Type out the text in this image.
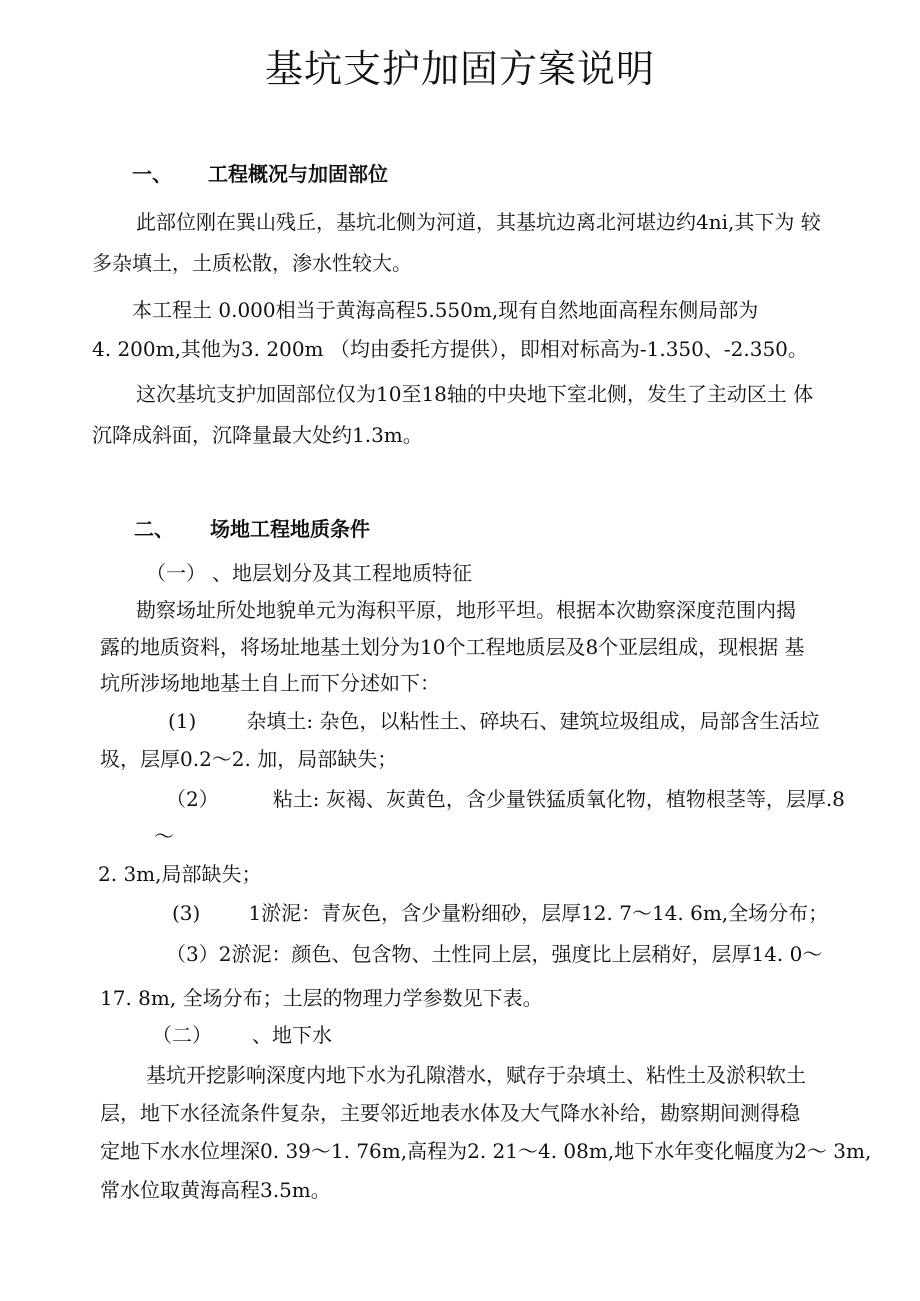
基坑支护加固方案说明
一、 工程概况与加固部位
此部位刚在巽山残丘，基坑北侧为河道，其基坑边离北河堪边约4ni,其下为 较
多杂填土，土质松散，渗水性较大。
本工程土 0.000相当于黄海高程5.550m,现有自然地面高程东侧局部为
4. 200m,其他为3. 200m （均由委托方提供），即相对标高为-1.350、-2.350。
这次基坑支护加固部位仅为10至18轴的中央地下室北侧，发生了主动区土 体
沉降成斜面，沉降量最大处约1.3m。
二、 场地工程地质条件
（一） 、地层划分及其工程地质特征
勘察场址所处地貌单元为海积平原，地形平坦。根据本次勘察深度范围内揭
露的地质资料，将场址地基土划分为10个工程地质层及8个亚层组成，现根据 基
坑所涉场地地基土自上而下分述如下：
(1)	杂填土: 杂色，以粘性土、碎块石、建筑垃圾组成，局部含生活垃
圾，层厚0.2〜2. 加，局部缺失；
（2）	粘土: 灰褐、灰黄色，含少量铁猛质氧化物，植物根茎等，层厚.8
〜
2. 3m,局部缺失；
(3) 1淤泥：青灰色，含少量粉细砂，层厚12. 7〜14. 6m,全场分布；
（3）2淤泥：颜色、包含物、土性同上层，强度比上层稍好，层厚14. 0〜
17. 8m, 全场分布；土层的物理力学参数见下表。
（二） 、地下水
基坑开挖影响深度内地下水为孔隙潜水，赋存于杂填土、粘性土及淤积软土
层，地下水径流条件复杂，主要邻近地表水体及大气降水补给，勘察期间测得稳
定地下水水位埋深0. 39〜1. 76m,高程为2. 21〜4. 08m,地下水年变化幅度为2〜 3m,
常水位取黄海高程3.5m。
